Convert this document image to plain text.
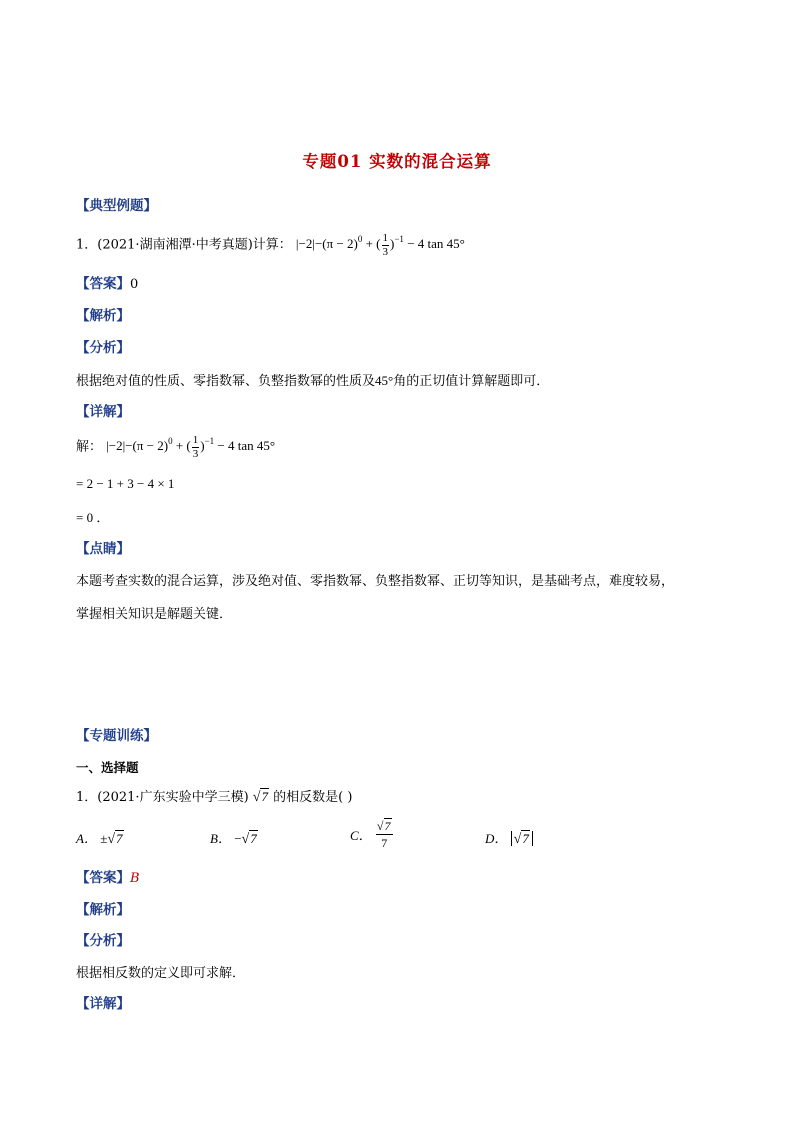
专题01 实数的混合运算
【典型例题】
1．(2021·湖南湘潭·中考真题)计算： $|-2|-(\pi - 2)^0$ + ( $\frac{1}{3} )^{-1} - 4$ tan 45°
【答案】0
【解析】
【分析】
根据绝对值的性质、零指数幂、负整指数幂的性质及45°角的正切值计算解题即可．
【详解】
解： $|-2|-(\pi - 2)^0$ + ( $\frac{1}{3} )^{-1} - 4$ tan 45°
= 2 − 1 + 3 − 4 × 1
= 0 ．
【点睛】
本题考查实数的混合运算，涉及绝对值、零指数幂、负整指数幂、正切等知识，是基础考点，难度较易，
掌握相关知识是解题关键．
【专题训练】
一、选择题
1．(2021·广东实验中学三模) √7 的相反数是( )
A． ±√7	B． −√7	C． $\frac{√7}{7}$	D． √7
【答案】B
【解析】
【分析】
根据相反数的定义即可求解．
【详解】
